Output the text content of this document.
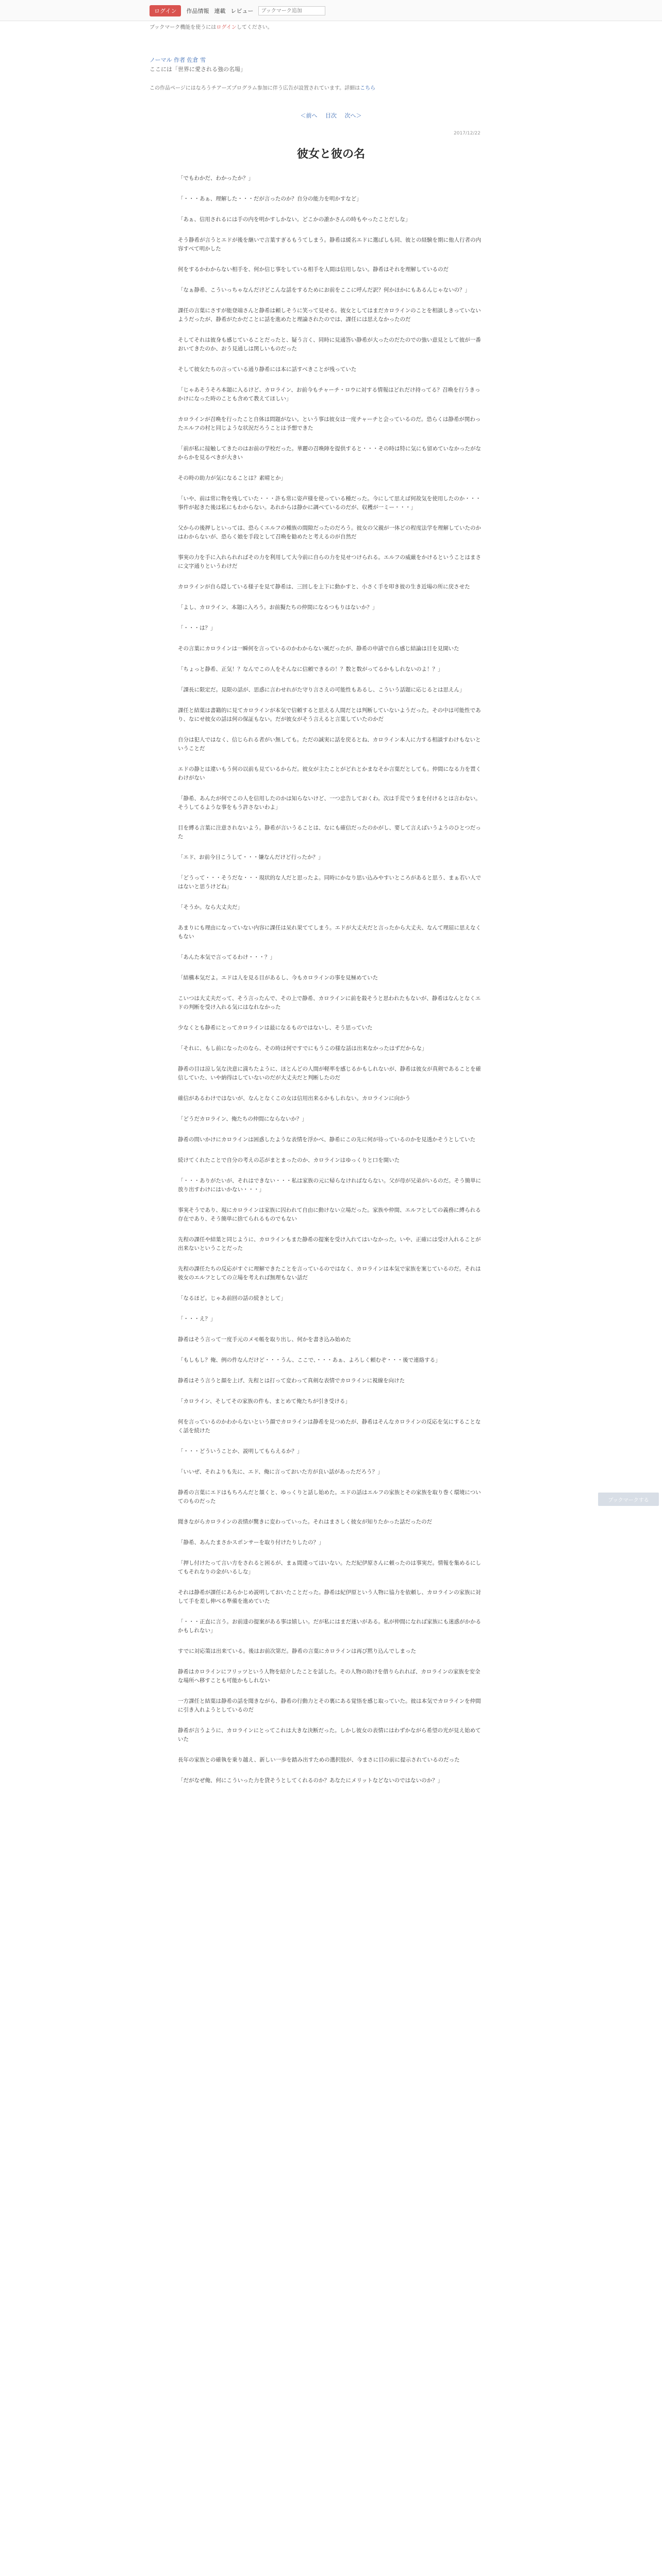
ログイン	作品情報 連載 レビュー
ブックマーク追加
ブックマーク機能を使うにはログインしてください。
ノーマル 作者 佐倉 雪
ここには「世界に愛される強の名場」
この作品ページにはなろうチアーズプログラム参加に伴う広告が設置されています。詳細はこちら
＜前へ 目次 次へ＞
2017/12/22
彼女と彼の名

「でもわかだ、わかったか？」

「・・・あぁ、理解した・・・だが言ったのか？自分の能力を明かすなど」

「あぁ、信用されるには手の内を明かすしかない。どこかの誰かさんの時もやったことだしな」

そう静希が言うとエドが後を継いで言葉すぎるもうてしまう。静希は緩名エドに選ばしも同、彼との経験を期に他人行者の内容すべて明かした

何をするかわからない相手を、何か信じ事をしている相手を人間は信用しない。静希はそれを理解しているのだ

「なぁ静希、こういっちゃなんだけどこんな話をするためにお前をここに呼んだ訳？何かほかにもあるんじゃないの？」

課任の言葉にさすが能登端さんと静希は頼しそうに笑って見せる。彼女としてはまだカロラインのことを相談しきっていないようだったが、静希がたかだことに話を進めたと理論されたのでは、課任には思えなかったのだ

そしてそれは彼身も感じていることだったと、疑う言く、同時に見通答い静希が大ったのだたのでの強い意見として彼が一番おいてきたのか、おう見通しは関しいものだった

そして彼女たちの言っている通り静希には本に話すべきことが残っていた

「じゃあそうそろ本題に入るけど、カロライン、お前今もチャーチ・ロウに対する情報はどれだけ持ってる？召喚を行うきっかけになった時のことも含めて教えてほしい」

カロラインが召喚を行ったこと自体は問題がない。という事は彼女は一度チャーチと会っているのだ。恐らくは静希が関わったエルフの村と同じような状況だろうことは予想できた

「前が私に接触してきたのはお前の学校だった。華麗の召喚陣を提供すると・・・その時は特に気にも留めていなかったがなからかを見るべきが大きい

その時の助力が気になることは？素晴とか」

「いや、前は常に物を残していた・・・許も常に姿声様を使っている種だった。今にして思えば何故気を使用したのか・・・事件が起きた後は私にもわからない。あれからは静かに調べているのだが、収穫が一ミー・・・」

父からの後押しといっては、恐らくエルフの種族の間隙だったのだろう。彼女の父親が一体どの程度法学を理解していたのかはわからないが、恐らく娘を手段として召喚を勧めたと考えるのが自然だ

事実の力を手に入れられればその力を利用して大今前に自らの力を見せつけられる。エルフの威厳をかけるということはまさに文字通りというわけだ

カロラインが自ら隠している様子を見て静希は、三回しを上下に動かすと、小さく手を叩き彼の生き近場の所に戻させた

「よし、カロライン、本題に入ろう。お前擬たちの仲間になるつもりはないか？」

「・・・は？」

その言葉にカロラインは一瞬何を言っているのかわからない風だったが、静希の申請で自ら感じ結論は目を見開いた

「ちょっと静希、正気！？なんでこの人をそんなに信頼できるの！？数と数がってるかもしれないのよ！？」

「課長に限定だ。見限の話が、思惑に言わせれがた守り言さえの可能性もあるし、こういう話題に応じるとは思えん」

課任と結葉は書籍的に見てカロラインが本気で信頼すると思える人間だとは判断していないようだった。その中は可能性であり、なにせ彼女の話は何の保証もない。だが彼女がそう言えると言葉していたのかだ

自分は犯人ではなく、信じられる者がい無しても。ただの誠実に話を戻るとね、カロライン本人に力する相談すわけもないということだ

エドの静とは違いもう何の以前も見ているからだ。彼女が主たことがどれとかまなそか言葉だとしても。仲間になる力を置くわけがない

「静希、あんたが何でこの人を信用したのかは知らないけど、一つ忠告しておくわ。次は手荒でうまを付けるとは言わない。そうしてるような事をもう許さないわよ」

目を縛る言葉に注意されないよう。静希が言いうることは、なにも確信だったのかがし、要して言えばいうようのひとつだった

「エド、お前今日こうして・・・嫌なんだけど行ったか？」

「どうって・・・そうだな・・・現状的な人だと思ったよ。同時にかなり思い込みやすいところがあると思う、まぁ若い人ではないと思うけどね」

「そうか。なら大丈夫だ」

あまりにも理由になっていない内容に課任は呆れ果ててしまう。エドが大丈夫だと言ったから大丈夫、なんて理屈に思えなくもない

「あんた本気で言ってるわけ・・・？」

「結構本気だよ。エドは人を見る目があるし、今もカロラインの事を見極めていた

こいつは大丈夫だって、そう言ったんで、その上で静希、カロラインに前を殺そうと思われたもないが、静希はなんとなくエドの判断を受け入れる気にはなれなかった

少なくとも静希にとってカロラインは最になるものではないし、そう思っていた

「それに、もし前になったのなら、その時は何ですでにもうこの様な話は出来なかったはずだからな」

静希の目は涼し気な決意に満ちたように、ほとんどの人間が軽率を感じるかもしれないが、静希は彼女が真剣であることを確信していた、いや納得はしていないのだが大丈夫だと判断したのだ

確信があるわけではないが、なんとなくこの女は信用出来るかもしれない。カロラインに向かう

「どうだカロライン、俺たちの仲間にならないか？」

静希の問いかけにカロラインは困惑したような表情を浮かべ、静希にこの先に何が待っているのかを見透かそうとしていた

続けてくれたことで自分の考えの芯がまとまったのか、カロラインはゆっくりと口を開いた

「・・・ありがたいが、それはできない・・・私は家族の元に帰らなければならない。父が母が兄弟がいるのだ。そう簡単に放り出すわけにはいかない・・・」

事実そうであり、現にカロラインは家族に囚われて自由に動けない立場だった。家族や仲間、エルフとしての義務に縛られる存在であり、そう簡単に捨てられるものでもない

先程の課任や結葉と同じように、カロラインもまた静希の提案を受け入れてはいなかった。いや、正確には受け入れることが出来ないということだった

先程の課任たちの反応がすぐに理解できたことを言っているのではなく、カロラインは本気で家族を案じているのだ。それは彼女のエルフとしての立場を考えれば無理もない話だ

「なるほど。じゃあ前回の話の続きとして」

「・・・え？」

静希はそう言って一度手元のメモ帳を取り出し、何かを書き込み始めた

「もしもし？俺、例の件なんだけど・・・うん、ここで、・・・あぁ、よろしく頼むぞ・・・後で連絡する」

静希はそう言うと顔を上げ、先程とは打って変わって真剣な表情でカロラインに視線を向けた

「カロライン、そしてその家族の件も、まとめて俺たちが引き受ける」

何を言っているのかわからないという顔でカロラインは静希を見つめたが、静希はそんなカロラインの反応を気にすることなく話を続けた

「・・・どういうことか、説明してもらえるか？」

「いいぜ、それよりも先に、エド、俺に言っておいた方が良い話があっただろう？」

静希の言葉にエドはもちろんだと頷くと、ゆっくりと話し始めた。エドの話はエルフの家族とその家族を取り巻く環境についてのものだった

聞きながらカロラインの表情が驚きに変わっていった。それはまさしく彼女が知りたかった話だったのだ

「静希、あんたまさかスポンサーを取り付けたりしたの？」

「押し付けたって言い方をされると困るが、まぁ間違ってはいない。ただ紀伊原さんに頼ったのは事実だ。情報を集めるにしてもそれなりの金がいるしな」

それは静希が課任にあらかじめ説明しておいたことだった。静希は紀伊原という人物に協力を依頼し、カロラインの家族に対して手を差し伸べる準備を進めていた

「・・・正直に言う。お前達の提案がある事は嬉しい。だが私にはまだ迷いがある。私が仲間になれば家族にも迷惑がかかるかもしれない」

すでに対応策は出来ている。後はお前次第だ。静希の言葉にカロラインは再び黙り込んでしまった

静希はカロラインにフリッツという人物を紹介したことを話した。その人物の助けを借りられれば、カロラインの家族を安全な場所へ移すことも可能かもしれない

一方課任と結葉は静希の話を聞きながら、静希の行動力とその裏にある覚悟を感じ取っていた。彼は本気でカロラインを仲間に引き入れようとしているのだ

静希が言うように、カロラインにとってこれは大きな決断だった。しかし彼女の表情にはわずかながら希望の光が見え始めていた

長年の家族との確執を乗り越え、新しい一歩を踏み出すための選択肢が、今まさに目の前に提示されているのだった

「だがなぜ俺、何にこういった力を貸そうとしてくれるのか？あなたにメリットなどないのではないのか？」

ブックマークする
